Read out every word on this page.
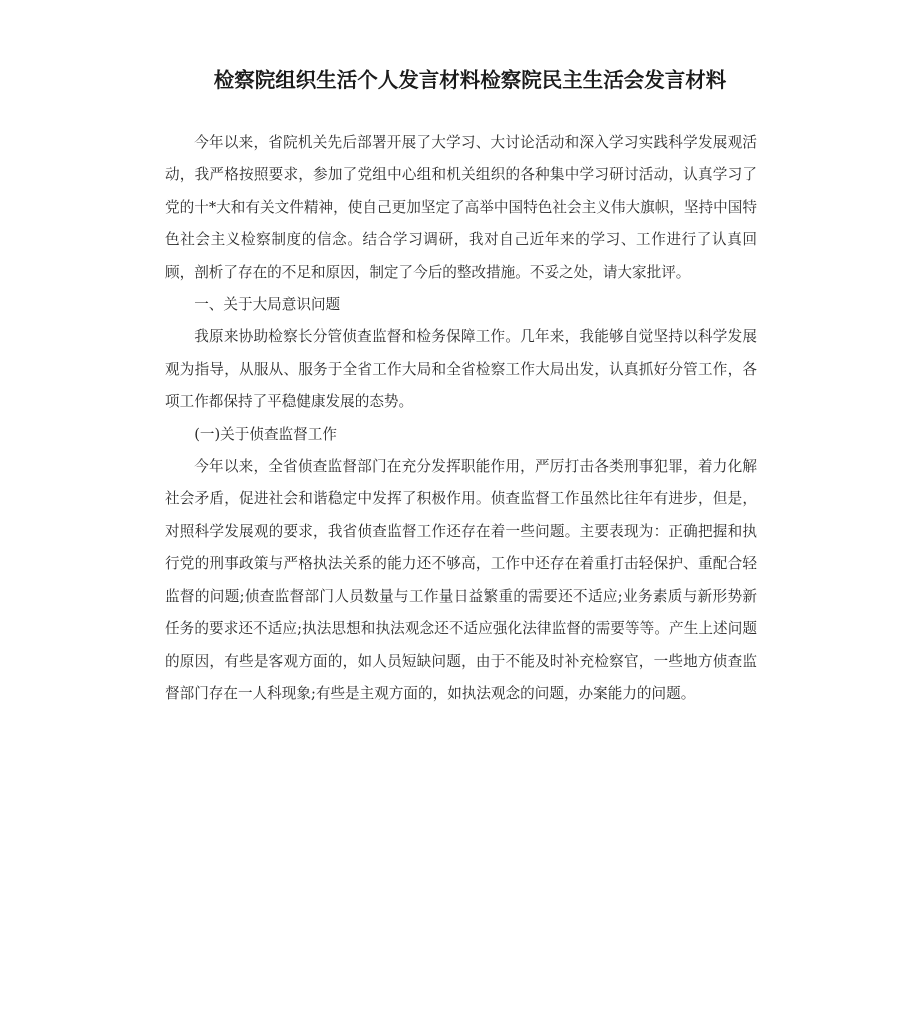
检察院组织生活个人发言材料检察院民主生活会发言材料

今年以来，省院机关先后部署开展了大学习、大讨论活动和深入学习实践科学发展观活动，我严格按照要求，参加了党组中心组和机关组织的各种集中学习研讨活动，认真学习了党的十*大和有关文件精神，使自己更加坚定了高举中国特色社会主义伟大旗帜，坚持中国特色社会主义检察制度的信念。结合学习调研，我对自己近年来的学习、工作进行了认真回顾，剖析了存在的不足和原因，制定了今后的整改措施。不妥之处，请大家批评。

一、关于大局意识问题

我原来协助检察长分管侦查监督和检务保障工作。几年来，我能够自觉坚持以科学发展观为指导，从服从、服务于全省工作大局和全省检察工作大局出发，认真抓好分管工作，各项工作都保持了平稳健康发展的态势。

(一)关于侦查监督工作

今年以来，全省侦查监督部门在充分发挥职能作用，严厉打击各类刑事犯罪，着力化解社会矛盾，促进社会和谐稳定中发挥了积极作用。侦查监督工作虽然比往年有进步，但是，对照科学发展观的要求，我省侦查监督工作还存在着一些问题。主要表现为：正确把握和执行党的刑事政策与严格执法关系的能力还不够高，工作中还存在着重打击轻保护、重配合轻监督的问题;侦查监督部门人员数量与工作量日益繁重的需要还不适应;业务素质与新形势新任务的要求还不适应;执法思想和执法观念还不适应强化法律监督的需要等等。产生上述问题的原因，有些是客观方面的，如人员短缺问题，由于不能及时补充检察官，一些地方侦查监督部门存在一人科现象;有些是主观方面的，如执法观念的问题，办案能力的问题。
